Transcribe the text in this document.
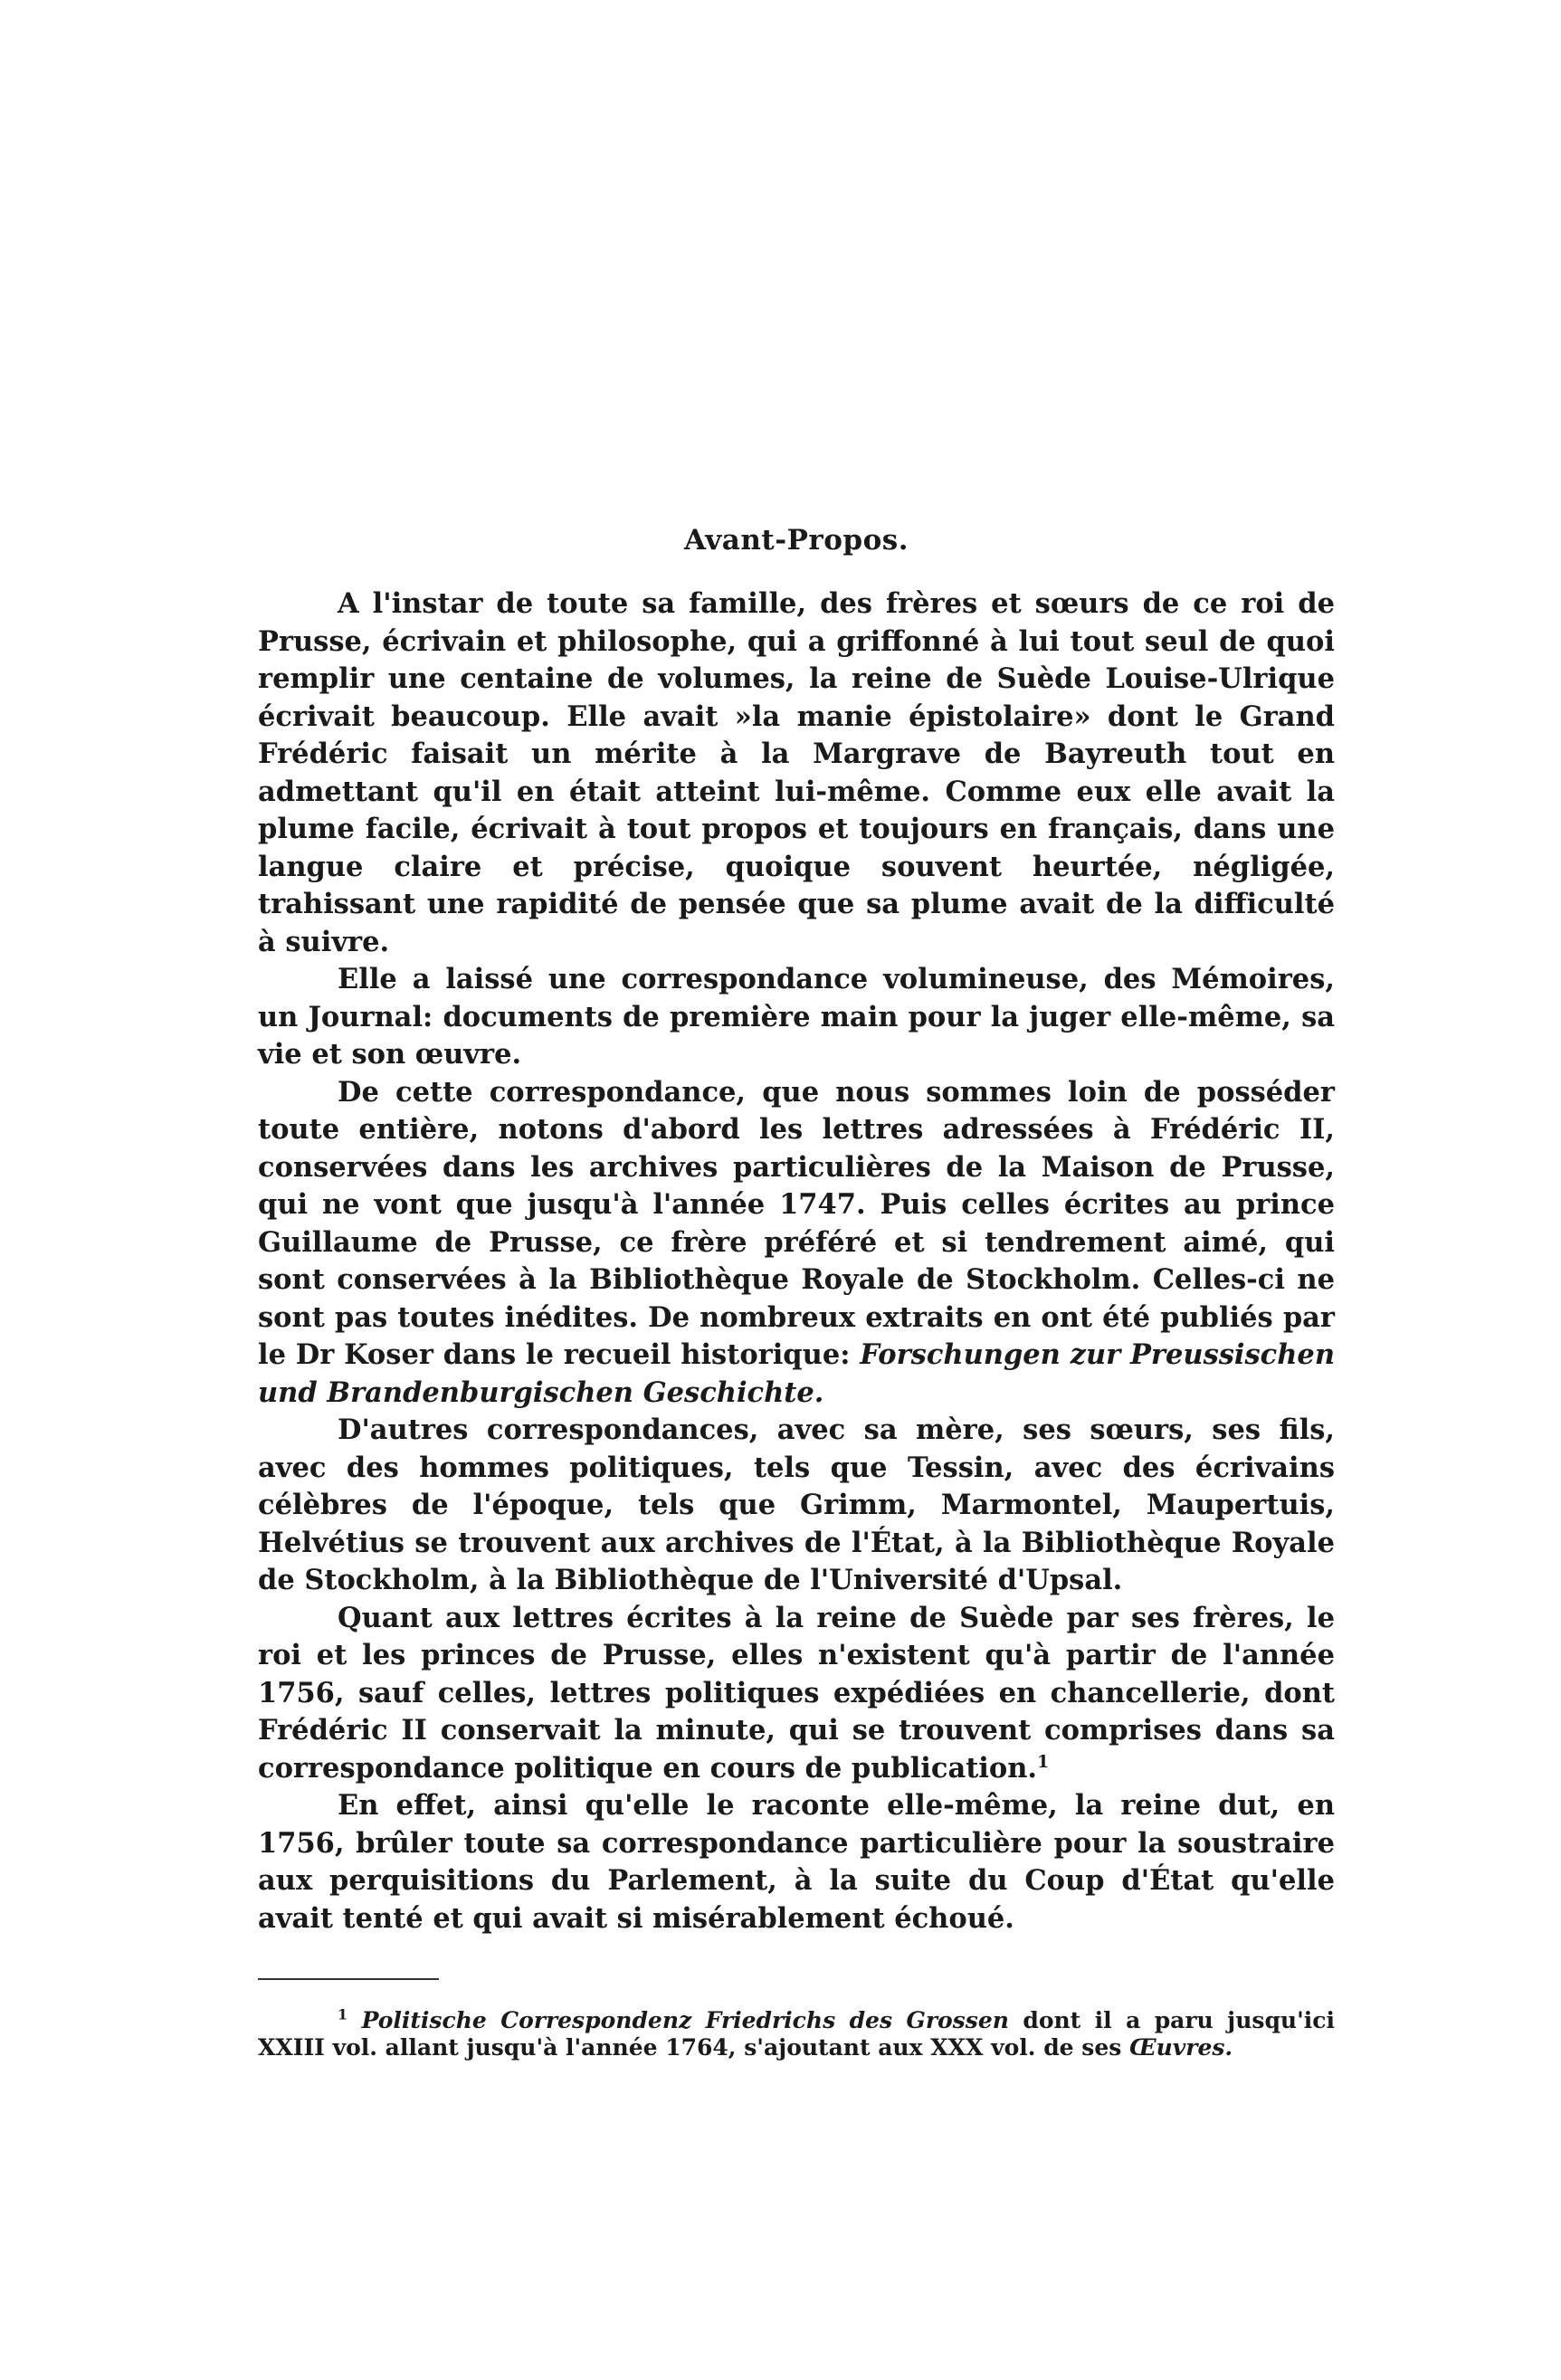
Avant-Propos.

A l'instar de toute sa famille, des frères et sœurs de ce roi de Prusse, écrivain et philosophe, qui a griffonné à lui tout seul de quoi remplir une centaine de volumes, la reine de Suède Louise-Ulrique écrivait beaucoup. Elle avait »la manie épistolaire» dont le Grand Frédéric faisait un mérite à la Margrave de Bayreuth tout en admettant qu'il en était atteint lui-même. Comme eux elle avait la plume facile, écrivait à tout propos et toujours en français, dans une langue claire et précise, quoique souvent heurtée, négligée, trahissant une rapidité de pensée que sa plume avait de la difficulté à suivre.

Elle a laissé une correspondance volumineuse, des Mémoires, un Journal: documents de première main pour la juger elle-même, sa vie et son œuvre.

De cette correspondance, que nous sommes loin de posséder toute entière, notons d'abord les lettres adressées à Frédéric II, conservées dans les archives particulières de la Maison de Prusse, qui ne vont que jusqu'à l'année 1747. Puis celles écrites au prince Guillaume de Prusse, ce frère préféré et si tendrement aimé, qui sont conservées à la Bibliothèque Royale de Stockholm. Celles-ci ne sont pas toutes inédites. De nombreux extraits en ont été publiés par le Dr Koser dans le recueil historique: Forschungen zur Preussischen und Brandenburgischen Geschichte.

D'autres correspondances, avec sa mère, ses sœurs, ses fils, avec des hommes politiques, tels que Tessin, avec des écrivains célèbres de l'époque, tels que Grimm, Marmontel, Maupertuis, Helvétius se trouvent aux archives de l'État, à la Bibliothèque Royale de Stockholm, à la Bibliothèque de l'Université d'Upsal.

Quant aux lettres écrites à la reine de Suède par ses frères, le roi et les princes de Prusse, elles n'existent qu'à partir de l'année 1756, sauf celles, lettres politiques expédiées en chancellerie, dont Frédéric II conservait la minute, qui se trouvent comprises dans sa correspondance politique en cours de publication.$^1$

En effet, ainsi qu'elle le raconte elle-même, la reine dut, en 1756, brûler toute sa correspondance particulière pour la soustraire aux perquisitions du Parlement, à la suite du Coup d'État qu'elle avait tenté et qui avait si misérablement échoué.

$^1$ Politische Correspondenz Friedrichs des Grossen dont il a paru jusqu'ici XXIII vol. allant jusqu'à l'année 1764, s'ajoutant aux XXX vol. de ses Œuvres.
